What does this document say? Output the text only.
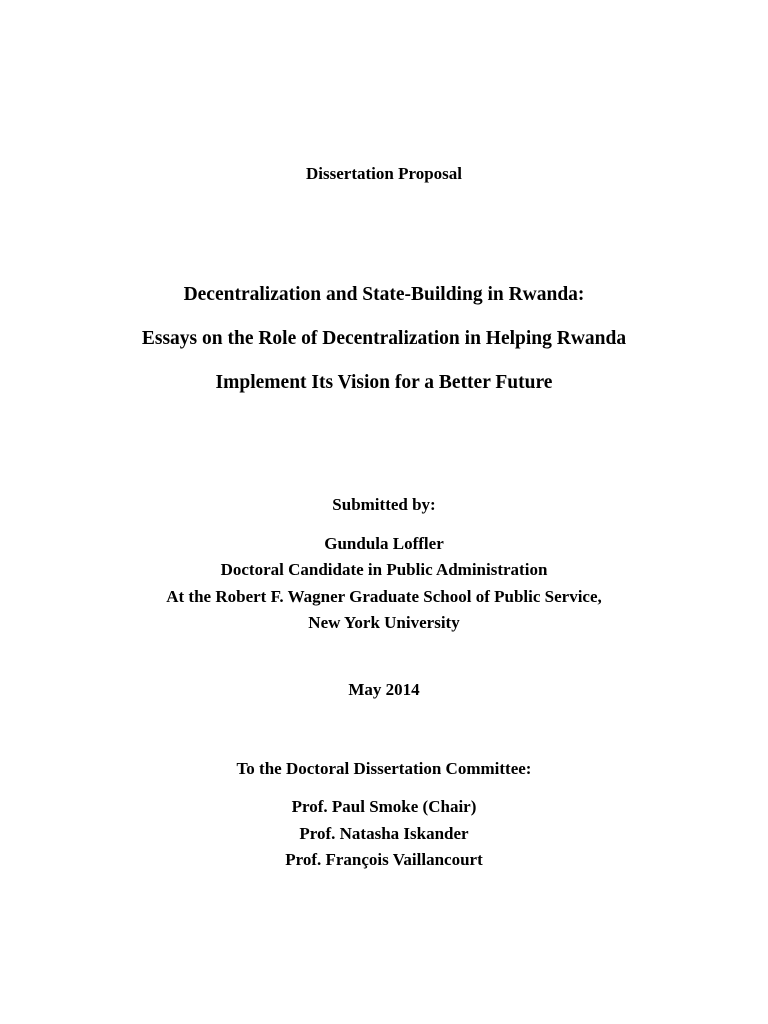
Dissertation Proposal
Decentralization and State-Building in Rwanda:
Essays on the Role of Decentralization in Helping Rwanda
Implement Its Vision for a Better Future
Submitted by:
Gundula Loffler
Doctoral Candidate in Public Administration
At the Robert F. Wagner Graduate School of Public Service,
New York University
May 2014
To the Doctoral Dissertation Committee:
Prof. Paul Smoke (Chair)
Prof. Natasha Iskander
Prof. François Vaillancourt
